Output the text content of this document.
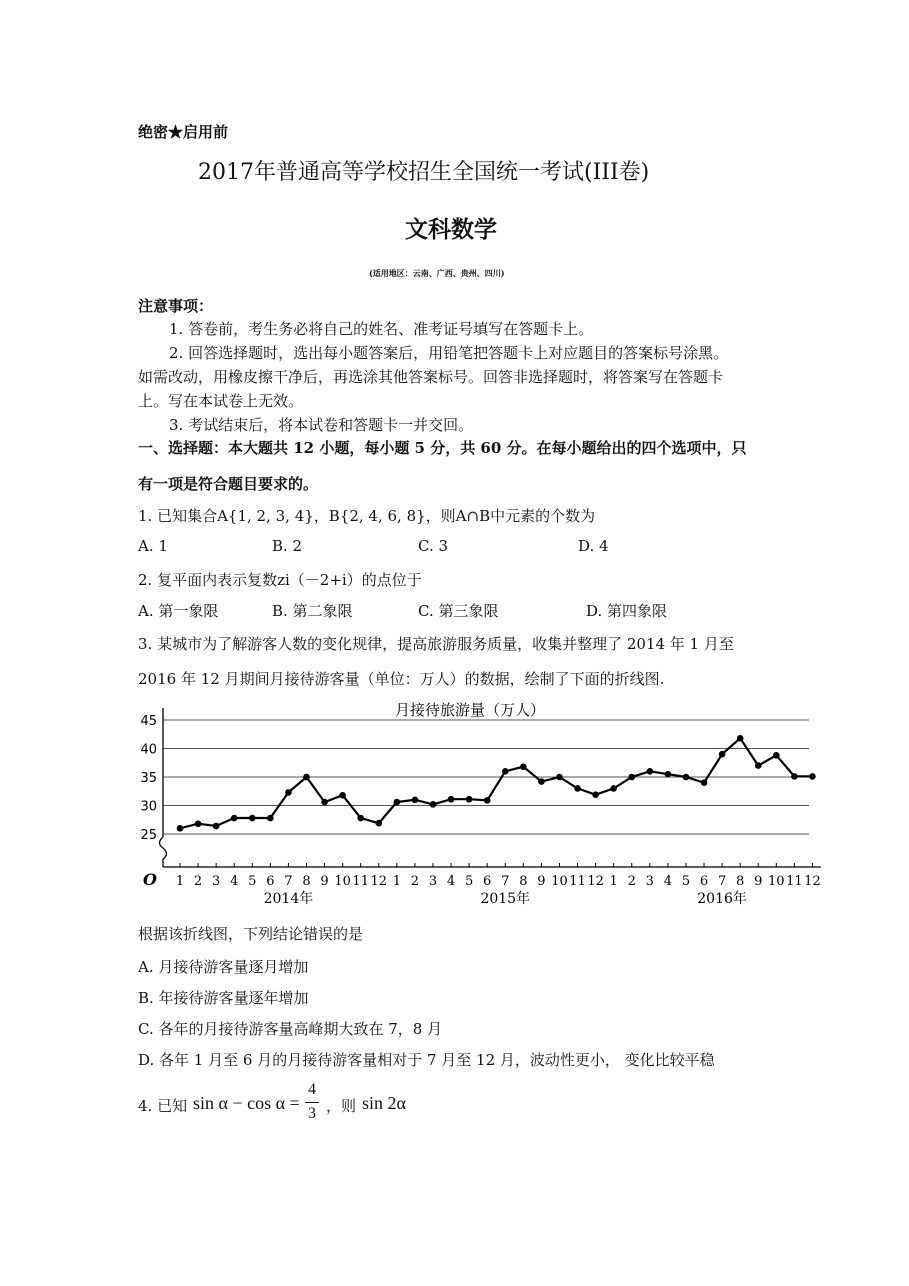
绝密★启用前
2017年普通高等学校招生全国统一考试(III卷)
文科数学
(适用地区：云南、广西、贵州、四川)
注意事项：
1. 答卷前，考生务必将自己的姓名、准考证号填写在答题卡上。
2. 回答选择题时，选出每小题答案后，用铅笔把答题卡上对应题目的答案标号涂黑。
如需改动，用橡皮擦干净后，再选涂其他答案标号。回答非选择题时，将答案写在答题卡
上。写在本试卷上无效。
3. 考试结束后，将本试卷和答题卡一并交回。
一、选择题：本大题共 12 小题，每小题 5 分，共 60 分。在每小题给出的四个选项中，只
有一项是符合题目要求的。
1. 已知集合A{1, 2, 3, 4}，B{2, 4, 6, 8}，则A∩B中元素的个数为
A. 1	B. 2	C. 3	D. 4
2. 复平面内表示复数zi（－2+i）的点位于
A. 第一象限	B. 第二象限	C. 第三象限	D. 第四象限
3. 某城市为了解游客人数的变化规律，提高旅游服务质量，收集并整理了 2014 年 1 月至
2016 年 12 月期间月接待游客量（单位：万人）的数据，绘制了下面的折线图.
月接待旅游量（万人）
25
30
35
40
45
1 2 3 4 5 6 7 8 9 10 11 12 1 2 3 4 5 6 7 8 9 10 11 12 1 2 3 4 5 6 7 8 9 10 11 12
2014年	2015年	2016年
O
根据该折线图，下列结论错误的是
A. 月接待游客量逐月增加
B. 年接待游客量逐年增加
C. 各年的月接待游客量高峰期大致在 7，8 月
D. 各年 1 月至 6 月的月接待游客量相对于 7 月至 12 月，波动性更小， 变化比较平稳
4. 已知 sin α − cos α =
4
3 ，则 sin 2α
